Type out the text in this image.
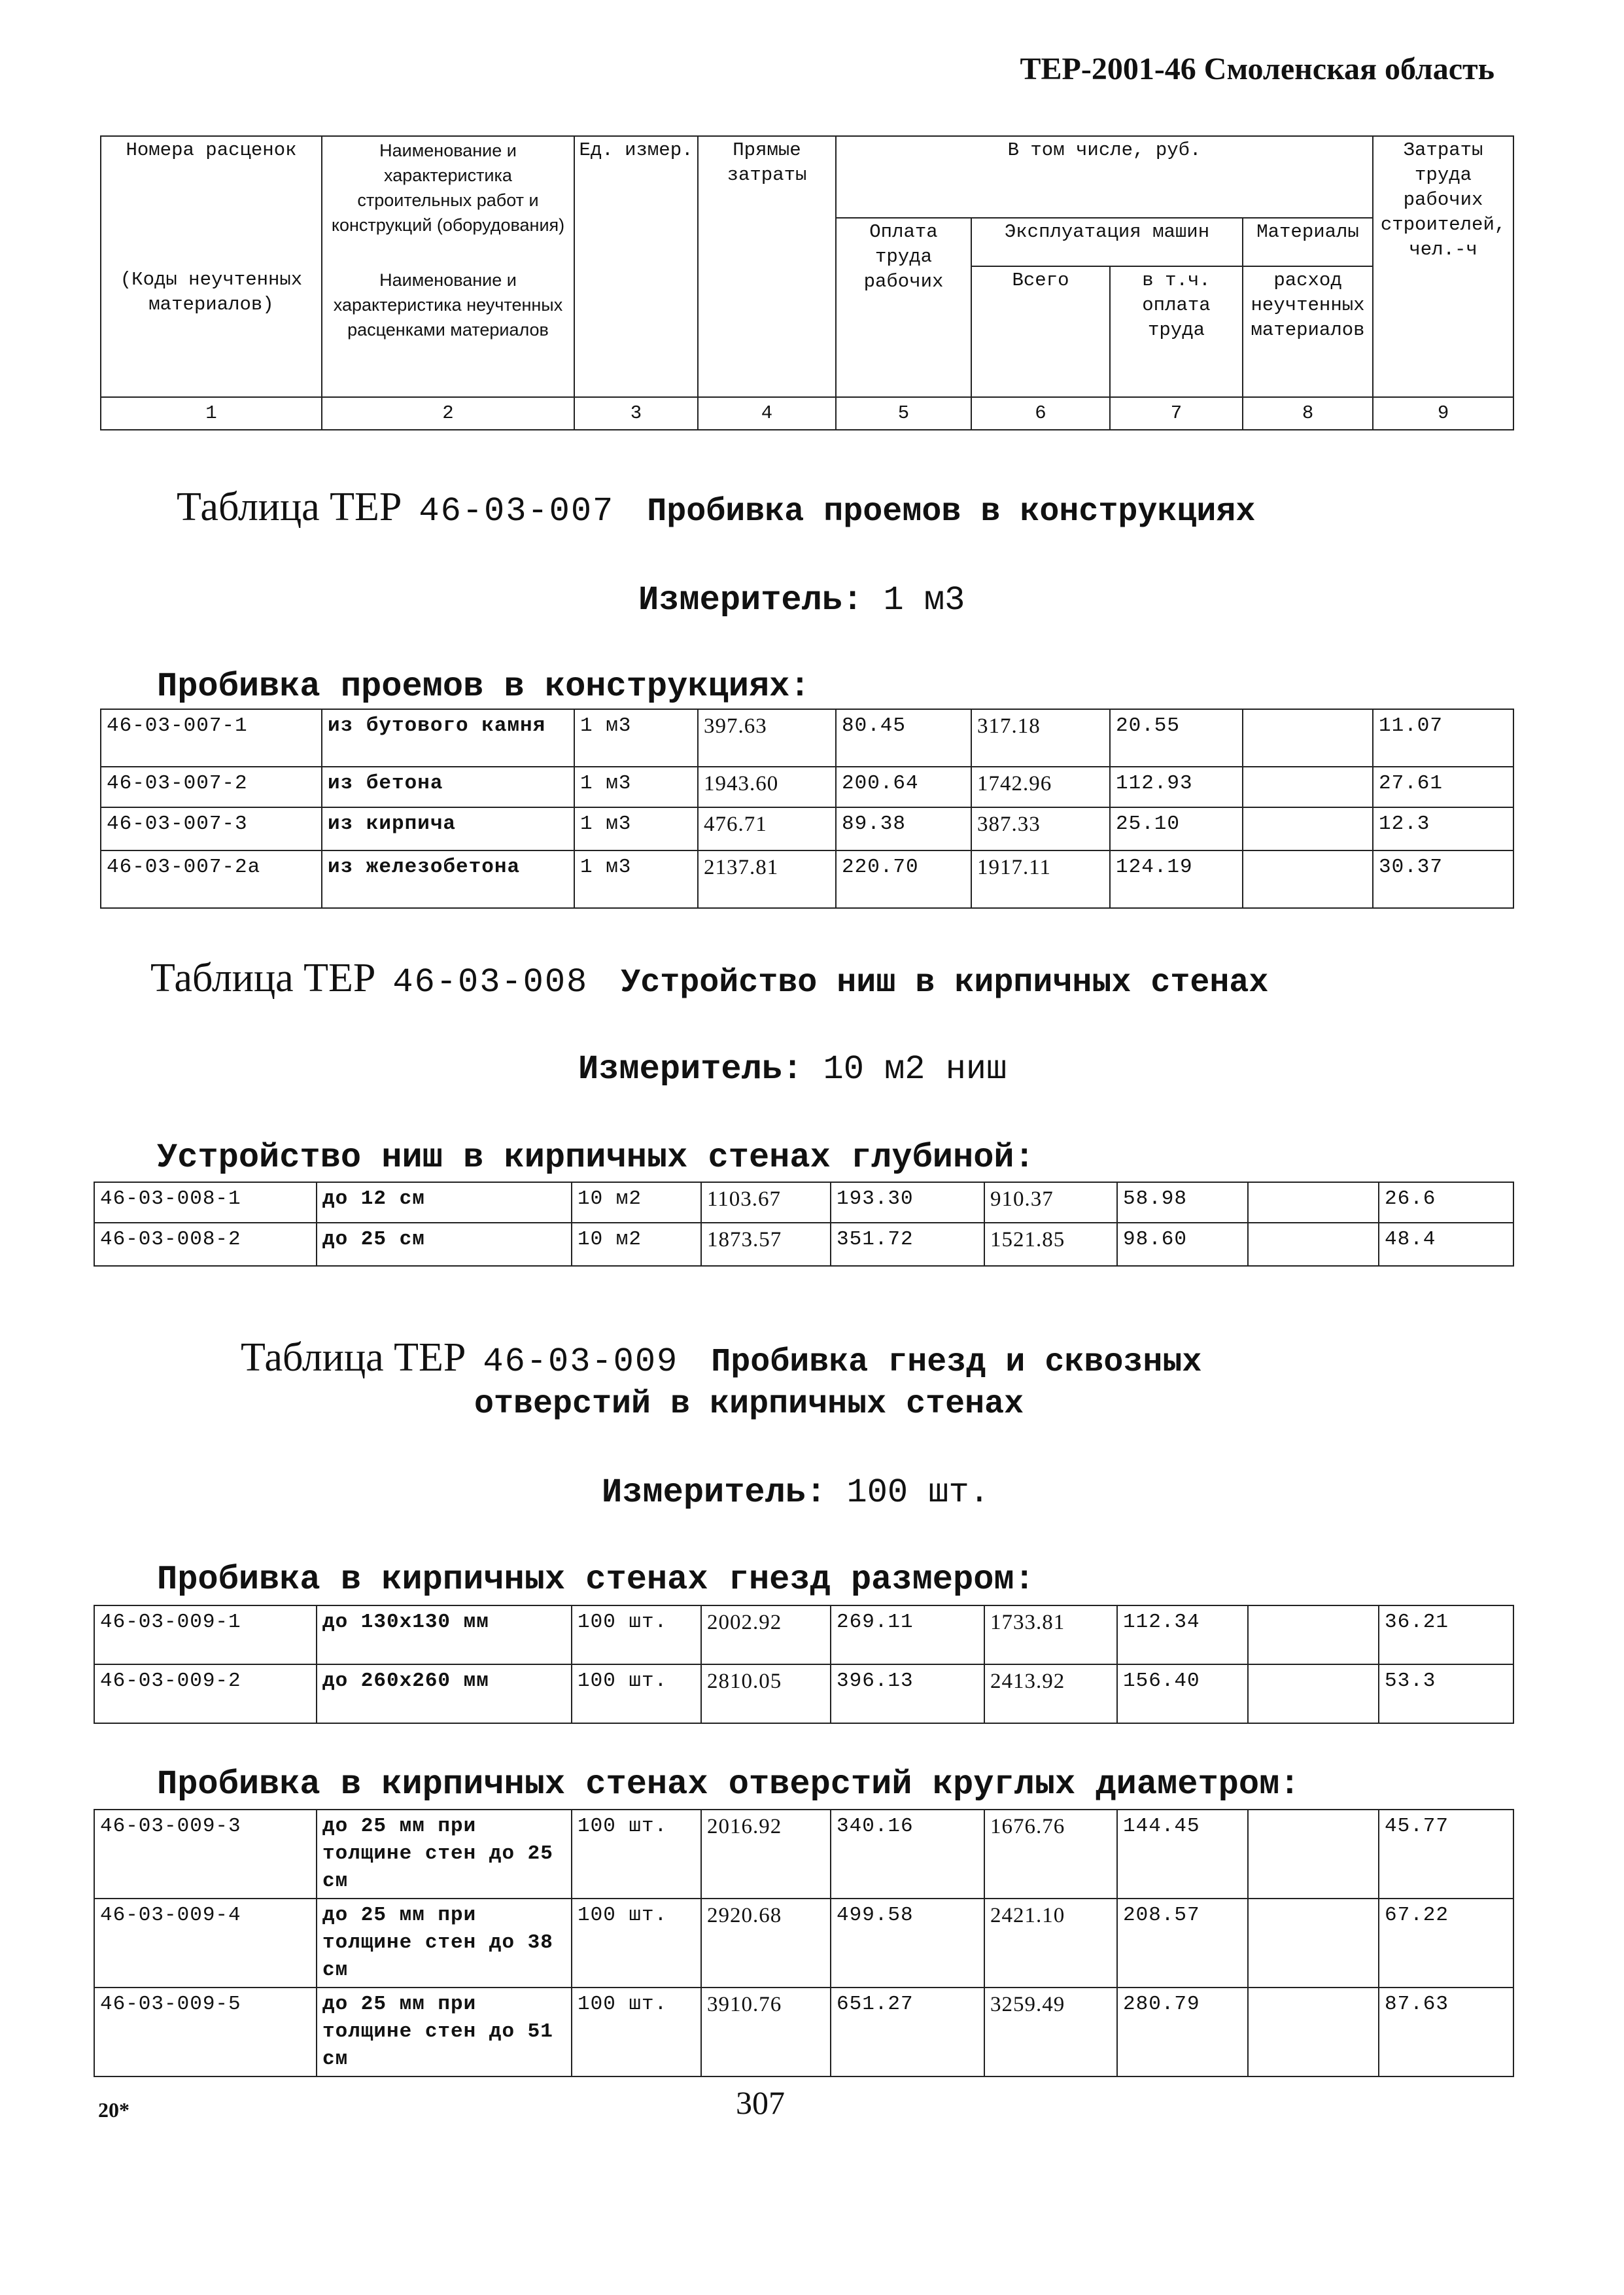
ТЕР-2001-46 Смоленская область
Номера расценок	Наименование и характеристика строительных работ и конструкций (оборудования)	Ед. измер.	Прямые затраты	В том числе, руб.				Затраты труда рабочих строителей, чел.-ч
				Оплата труда рабочих	Эксплуатация машин		Материалы	
(Коды неучтенных материалов)	Наименование и характеристика неучтенных расценками материалов				Всего	в т.ч. оплата труда	расход неучтенных материалов	
1	2	3	4	5	6	7	8	9
Таблица ТЕР 46-03-007 Пробивка проемов в конструкциях
Измеритель: 1 м3
Пробивка проемов в конструкциях:
46-03-007-1	из бутового камня	1 м3	397.63	80.45	317.18	20.55		11.07
46-03-007-2	из бетона	1 м3	1943.60	200.64	1742.96	112.93		27.61
46-03-007-3	из кирпича	1 м3	476.71	89.38	387.33	25.10		12.3
46-03-007-2а	из железобетона	1 м3	2137.81	220.70	1917.11	124.19		30.37
Таблица ТЕР 46-03-008 Устройство ниш в кирпичных стенах
Измеритель: 10 м2 ниш
Устройство ниш в кирпичных стенах глубиной:
46-03-008-1	до 12 см	10 м2	1103.67	193.30	910.37	58.98		26.6
46-03-008-2	до 25 см	10 м2	1873.57	351.72	1521.85	98.60		48.4
Таблица ТЕР 46-03-009 Пробивка гнезд и сквозных
отверстий в кирпичных стенах
Измеритель: 100 шт.
Пробивка в кирпичных стенах гнезд размером:
46-03-009-1	до 130x130 мм	100 шт.	2002.92	269.11	1733.81	112.34		36.21
46-03-009-2	до 260x260 мм	100 шт.	2810.05	396.13	2413.92	156.40		53.3
Пробивка в кирпичных стенах отверстий круглых диаметром:
46-03-009-3	до 25 мм при толщине стен до 25 см	100 шт.	2016.92	340.16	1676.76	144.45		45.77
46-03-009-4	до 25 мм при толщине стен до 38 см	100 шт.	2920.68	499.58	2421.10	208.57		67.22
46-03-009-5	до 25 мм при толщине стен до 51 см	100 шт.	3910.76	651.27	3259.49	280.79		87.63
20*	307
